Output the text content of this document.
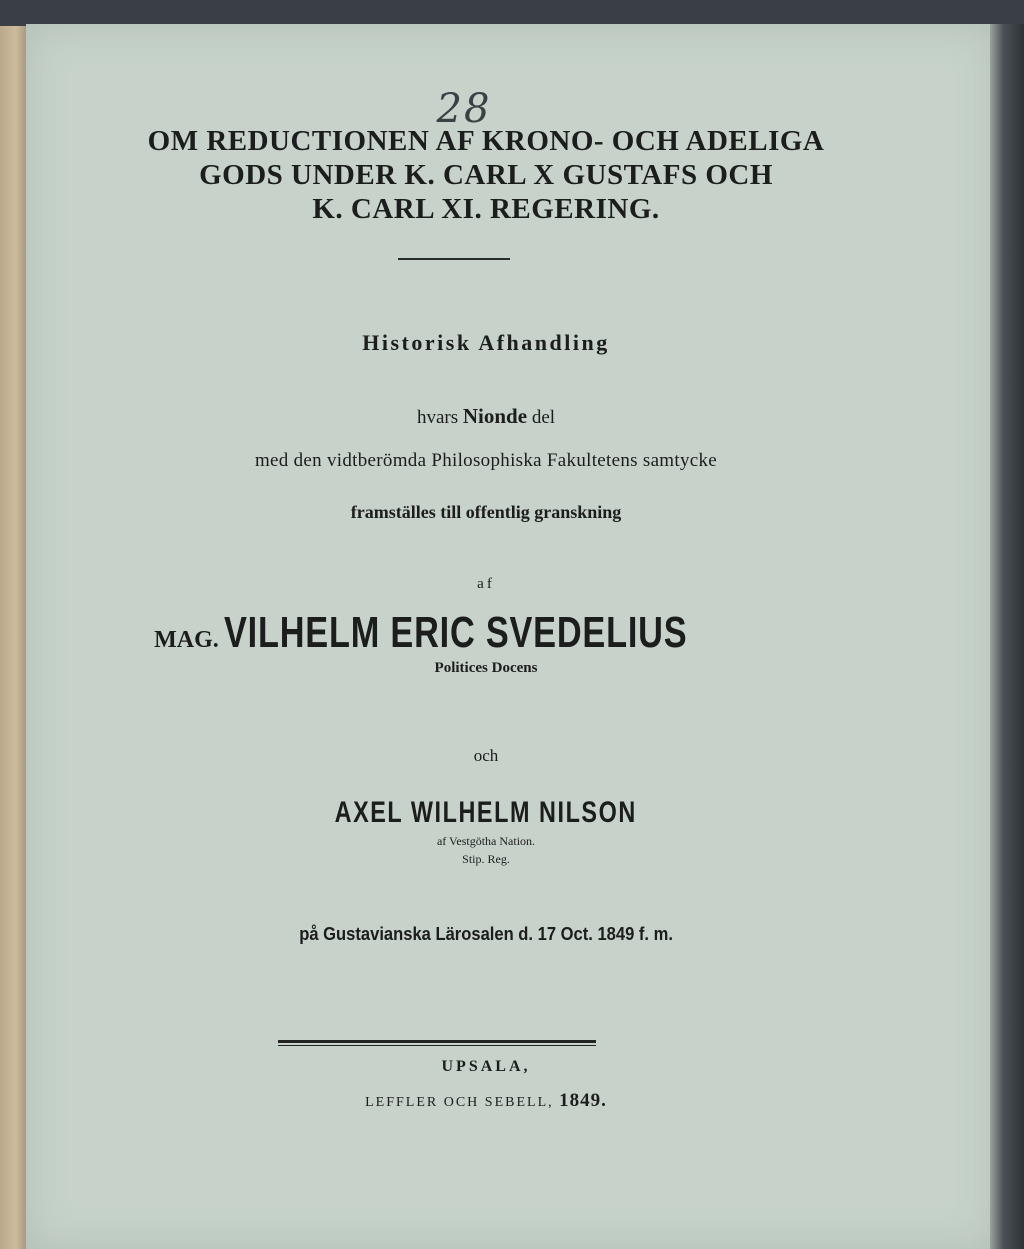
28
OM REDUCTIONEN AF KRONO- OCH ADELIGA
GODS UNDER K. CARL X GUSTAFS OCH
K. CARL XI. REGERING.
Historisk Afhandling
hvars Nionde del
med den vidtberömda Philosophiska Fakultetens samtycke
framställes till offentlig granskning
af
MAG. VILHELM ERIC SVEDELIUS
Politices Docens
och
AXEL WILHELM NILSON
af Vestgötha Nation.
Stip. Reg.
på Gustavianska Lärosalen d. 17 Oct. 1849 f. m.
UPSALA,
LEFFLER OCH SEBELL, 1849.
